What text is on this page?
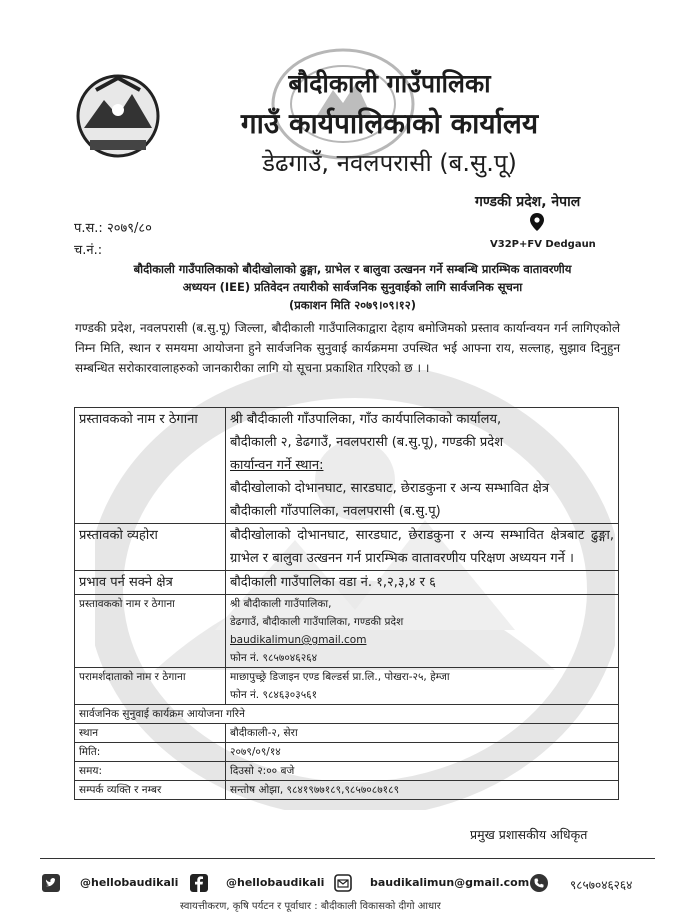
बौदीकाली गाउँपालिका
गाउँ कार्यपालिकाको कार्यालय
डेढगाउँ, नवलपरासी (ब.सु.पू)
गण्डकी प्रदेश, नेपाल
V32P+FV Dedgaun
प.स.: २०७९/८०
च.नं.:
बौदीकाली गाउँपालिकाको बौदीखोलाको ढुङ्गा, ग्राभेल र बालुवा उत्खनन गर्ने सम्बन्धि प्रारम्भिक वातावरणीय
अध्ययन (IEE) प्रतिवेदन तयारीको सार्वजनिक सुनुवाईको लागि सार्वजनिक सूचना
(प्रकाशन मिति २०७९।०९।१२)
गण्डकी प्रदेश, नवलपरासी (ब.सु.पू) जिल्ला, बौदीकाली गाउँपालिकाद्वारा देहाय बमोजिमको प्रस्ताव कार्यान्वयन गर्न लागिएकोले निम्न मिति, स्थान र समयमा आयोजना हुने सार्वजनिक सुनुवाई कार्यक्रममा उपस्थित भई आफ्ना राय, सल्लाह, सुझाव दिनुहुन सम्बन्धित सरोकारवालाहरुको जानकारीका लागि यो सूचना प्रकाशित गरिएको छ । ।
प्रस्तावकको नाम र ठेगाना	श्री बौदीकाली गाँउपालिका, गाँउ कार्यपालिकाको कार्यालय,
बौदीकाली २, डेढगाउँ, नवलपरासी (ब.सु.पू), गण्डकी प्रदेश
कार्यान्वन गर्ने स्थान:
बौदीखोलाको दोभानघाट, सारडघाट, छेराडकुना र अन्य सम्भावित क्षेत्र
बौदीकाली गाँउपालिका, नवलपरासी (ब.सु.पू)

प्रस्तावको व्यहोरा	बौदीखोलाको दोभानघाट, सारडघाट, छेराडकुना र अन्य सम्भावित क्षेत्रबाट ढुङ्गा, ग्राभेल र बालुवा उत्खनन गर्न प्रारम्भिक वातावरणीय परिक्षण अध्ययन गर्ने ।
प्रभाव पर्न सक्ने क्षेत्र	बौदीकाली गाउँपालिका वडा नं. १,२,३,४ र ६
प्रस्तावकको नाम र ठेगाना	श्री बौदीकाली गाउँपालिका,
डेढगाउँ, बौदीकाली गाउँपालिका, गण्डकी प्रदेश
baudikalimun@gmail.com
फोन नं. ९८५७०४६२६४

परामर्शदाताको नाम र ठेगाना	माछापुच्छ्रे डिजाइन एण्ड बिल्डर्स प्रा.लि., पोखरा-२५, हेम्जा
फोन नं. ९८४६३०३५६१

सार्वजनिक सुनुवाई कार्यक्रम आयोजना गरिने	
स्थान	बौदीकाली-२, सेरा
मिति:	२०७९/०९/१४
समय:	दिउसो २:०० बजे
सम्पर्क व्यक्ति र नम्बर	सन्तोष ओझा, ९८४१९७७१८९,९८५७०८७१८९
प्रमुख प्रशासकीय अधिकृत
@hellobaudikali	@hellobaudikali	baudikalimun@gmail.com	९८५७०४६२६४
स्वायत्तीकरण, कृषि पर्यटन र पूर्वाधार : बौदीकाली विकासको दीगो आधार
